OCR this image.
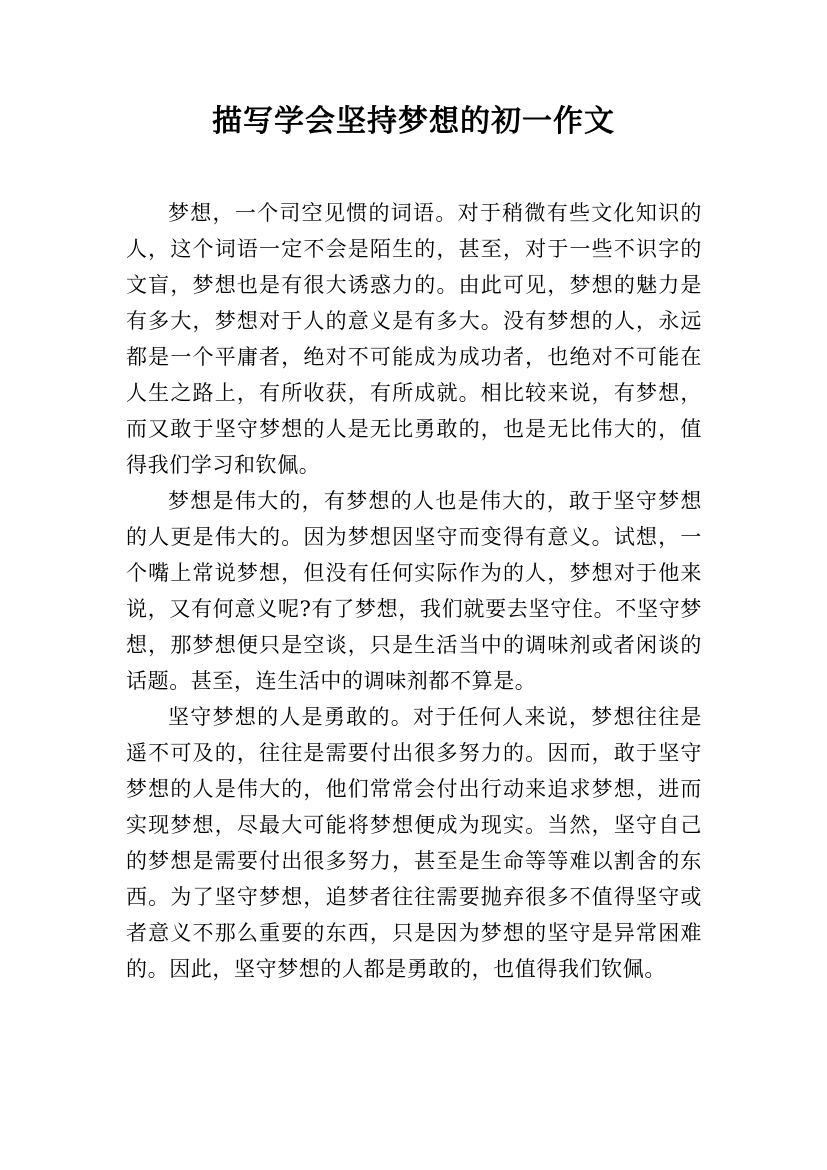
描写学会坚持梦想的初一作文

梦想，一个司空见惯的词语。对于稍微有些文化知识的人，这个词语一定不会是陌生的，甚至，对于一些不识字的文盲，梦想也是有很大诱惑力的。由此可见，梦想的魅力是有多大，梦想对于人的意义是有多大。没有梦想的人，永远都是一个平庸者，绝对不可能成为成功者，也绝对不可能在人生之路上，有所收获，有所成就。相比较来说，有梦想，而又敢于坚守梦想的人是无比勇敢的，也是无比伟大的，值得我们学习和钦佩。

梦想是伟大的，有梦想的人也是伟大的，敢于坚守梦想的人更是伟大的。因为梦想因坚守而变得有意义。试想，一个嘴上常说梦想，但没有任何实际作为的人，梦想对于他来说，又有何意义呢?有了梦想，我们就要去坚守住。不坚守梦想，那梦想便只是空谈，只是生活当中的调味剂或者闲谈的话题。甚至，连生活中的调味剂都不算是。

坚守梦想的人是勇敢的。对于任何人来说，梦想往往是遥不可及的，往往是需要付出很多努力的。因而，敢于坚守梦想的人是伟大的，他们常常会付出行动来追求梦想，进而实现梦想，尽最大可能将梦想便成为现实。当然，坚守自己的梦想是需要付出很多努力，甚至是生命等等难以割舍的东西。为了坚守梦想，追梦者往往需要抛弃很多不值得坚守或者意义不那么重要的东西，只是因为梦想的坚守是异常困难的。因此，坚守梦想的人都是勇敢的，也值得我们钦佩。
